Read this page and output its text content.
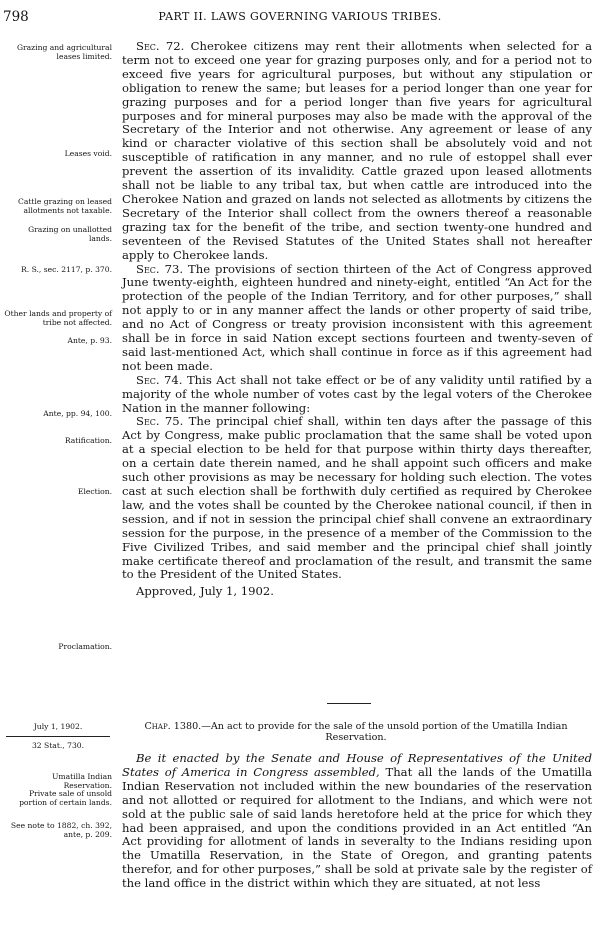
798	PART II. LAWS GOVERNING VARIOUS TRIBES.
Grazing and agricultural leases limited.
Leases void.
Cattle grazing on leased allotments not taxable.
Grazing on unallotted lands.
R. S., sec. 2117, p. 370.
Other lands and property of tribe not affected.
Ante, p. 93.
Ante, pp. 94, 100.
Ratification.
Election.
Proclamation.
July 1, 1902.
32 Stat., 730.
Umatilla Indian Reservation.
Private sale of unsold portion of certain lands.
See note to 1882, ch. 392, ante, p. 209.

Sec. 72. Cherokee citizens may rent their allotments when selected for a term not to exceed one year for grazing purposes only, and for a period not to exceed five years for agricultural purposes, but without any stipulation or obligation to renew the same; but leases for a period longer than one year for grazing purposes and for a period longer than five years for agricultural purposes and for mineral purposes may also be made with the approval of the Secretary of the Interior and not otherwise. Any agreement or lease of any kind or character violative of this section shall be absolutely void and not susceptible of ratification in any manner, and no rule of estoppel shall ever prevent the assertion of its invalidity. Cattle grazed upon leased allotments shall not be liable to any tribal tax, but when cattle are introduced into the Cherokee Nation and grazed on lands not selected as allotments by citizens the Secretary of the Interior shall collect from the owners thereof a reasonable grazing tax for the benefit of the tribe, and section twenty-one hundred and seventeen of the Revised Statutes of the United States shall not hereafter apply to Cherokee lands.

Sec. 73. The provisions of section thirteen of the Act of Congress approved June twenty-eighth, eighteen hundred and ninety-eight, entitled “An Act for the protection of the people of the Indian Territory, and for other purposes,” shall not apply to or in any manner affect the lands or other property of said tribe, and no Act of Congress or treaty provision inconsistent with this agreement shall be in force in said Nation except sections fourteen and twenty-seven of said last-mentioned Act, which shall continue in force as if this agreement had not been made.

Sec. 74. This Act shall not take effect or be of any validity until ratified by a majority of the whole number of votes cast by the legal voters of the Cherokee Nation in the manner following:

Sec. 75. The principal chief shall, within ten days after the passage of this Act by Congress, make public proclamation that the same shall be voted upon at a special election to be held for that purpose within thirty days thereafter, on a certain date therein named, and he shall appoint such officers and make such other provisions as may be necessary for holding such election. The votes cast at such election shall be forthwith duly certified as required by Cherokee law, and the votes shall be counted by the Cherokee national council, if then in session, and if not in session the principal chief shall convene an extraordinary session for the purpose, in the presence of a member of the Commission to the Five Civilized Tribes, and said member and the principal chief shall jointly make certificate thereof and proclamation of the result, and transmit the same to the President of the United States.

Approved, July 1, 1902.

Chap. 1380.—An act to provide for the sale of the unsold portion of the Umatilla Indian Reservation.

Be it enacted by the Senate and House of Representatives of the United States of America in Congress assembled, That all the lands of the Umatilla Indian Reservation not included within the new boundaries of the reservation and not allotted or required for allotment to the Indians, and which were not sold at the public sale of said lands heretofore held at the price for which they had been appraised, and upon the conditions provided in an Act entitled “An Act providing for allotment of lands in severalty to the Indians residing upon the Umatilla Reservation, in the State of Oregon, and granting patents therefor, and for other purposes,” shall be sold at private sale by the register of the land office in the district within which they are situated, at not less
